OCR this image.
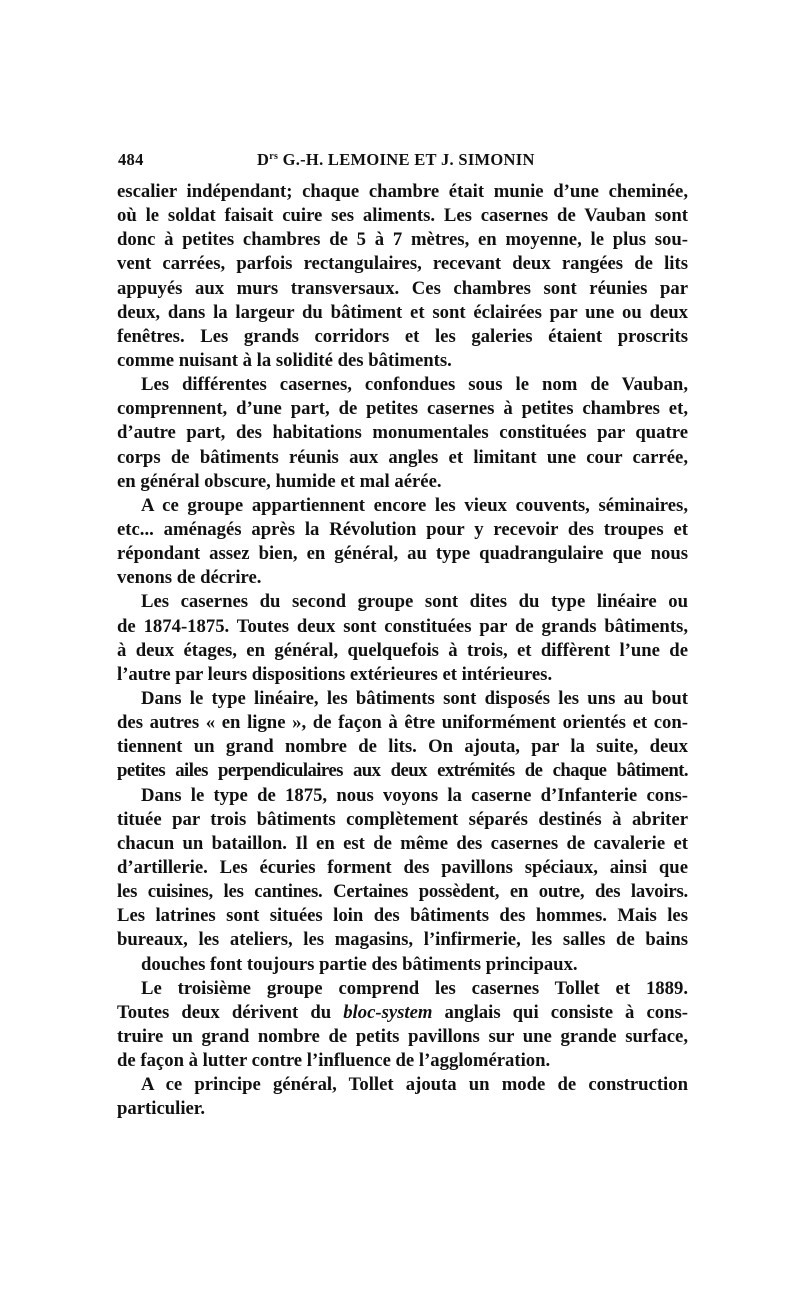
484	$D^{rs}$ G.-H. LEMOINE ET J. SIMONIN

escalier indépendant; chaque chambre était munie d’une cheminée,
où le soldat faisait cuire ses aliments. Les casernes de Vauban sont
donc à petites chambres de 5 à 7 mètres, en moyenne, le plus sou-
vent carrées, parfois rectangulaires, recevant deux rangées de lits
appuyés aux murs transversaux. Ces chambres sont réunies par
deux, dans la largeur du bâtiment et sont éclairées par une ou deux
fenêtres. Les grands corridors et les galeries étaient proscrits
comme nuisant à la solidité des bâtiments.

Les différentes casernes, confondues sous le nom de Vauban,
comprennent, d’une part, de petites casernes à petites chambres et,
d’autre part, des habitations monumentales constituées par quatre
corps de bâtiments réunis aux angles et limitant une cour carrée,
en général obscure, humide et mal aérée.

A ce groupe appartiennent encore les vieux couvents, séminaires,
etc... aménagés après la Révolution pour y recevoir des troupes et
répondant assez bien, en général, au type quadrangulaire que nous
venons de décrire.

Les casernes du second groupe sont dites du type linéaire ou
de 1874-1875. Toutes deux sont constituées par de grands bâtiments,
à deux étages, en général, quelquefois à trois, et diffèrent l’une de
l’autre par leurs dispositions extérieures et intérieures.

Dans le type linéaire, les bâtiments sont disposés les uns au bout
des autres « en ligne », de façon à être uniformément orientés et con-
tiennent un grand nombre de lits. On ajouta, par la suite, deux
petites ailes perpendiculaires aux deux extrémités de chaque bâtiment.

Dans le type de 1875, nous voyons la caserne d’Infanterie cons-
tituée par trois bâtiments complètement séparés destinés à abriter
chacun un bataillon. Il en est de même des casernes de cavalerie et
d’artillerie. Les écuries forment des pavillons spéciaux, ainsi que
les cuisines, les cantines. Certaines possèdent, en outre, des lavoirs.
Les latrines sont situées loin des bâtiments des hommes. Mais les
bureaux, les ateliers, les magasins, l’infirmerie, les salles de bains
douches font toujours partie des bâtiments principaux.

Le troisième groupe comprend les casernes Tollet et 1889.
Toutes deux dérivent du bloc-system anglais qui consiste à cons-
truire un grand nombre de petits pavillons sur une grande surface,
de façon à lutter contre l’influence de l’agglomération.

A ce principe général, Tollet ajouta un mode de construction
particulier.
